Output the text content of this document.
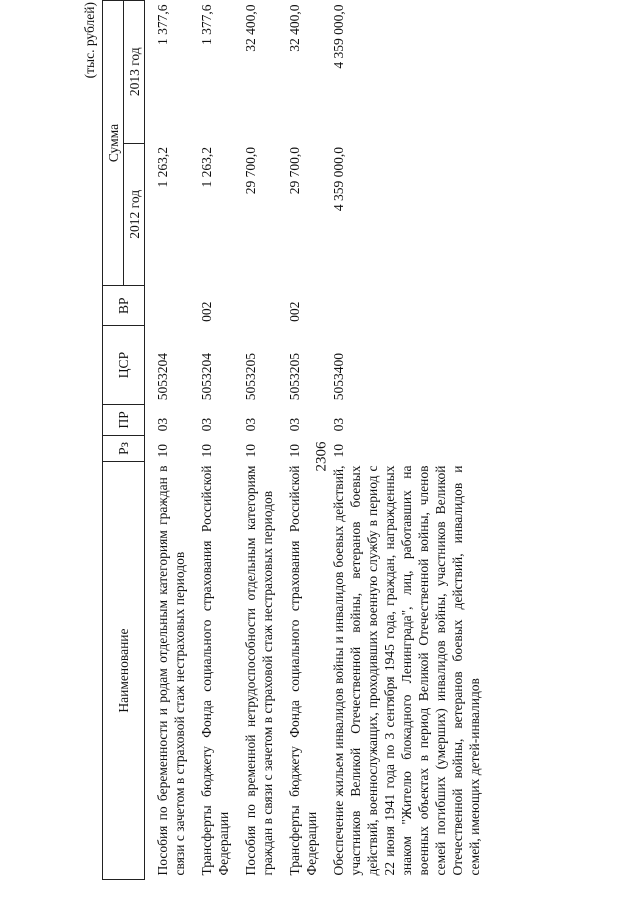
2306
(тыс. рублей)
Наименование	Рз	ПР	ЦСР	ВР	Сумма	
					2012 год	2013 год

Пособия по беременности и родам отдельным категориям граждан в связи с зачетом в страховой стаж нестраховых периодов	10	03	5053204		1 263,2	1 377,6

Трансферты бюджету Фонда социального страхования Российской Федерации	10	03	5053204	002	1 263,2	1 377,6

Пособия по временной нетрудоспособности отдельным категориям граждан в связи с зачетом в страховой стаж нестраховых периодов	10	03	5053205		29 700,0	32 400,0

Трансферты бюджету Фонда социального страхования Российской Федерации	10	03	5053205	002	29 700,0	32 400,0

Обеспечение жильем инвалидов войны и инвалидов боевых действий, участников Великой Отечественной войны, ветеранов боевых действий, военнослужащих, проходивших военную службу в период с 22 июня 1941 года по 3 сентября 1945 года, граждан, награжденных знаком "Жителю блокадного Ленинграда", лиц, работавших на военных объектах в период Великой Отечественной войны, членов семей погибших (умерших) инвалидов войны, участников Великой Отечественной войны, ветеранов боевых действий, инвалидов и семей, имеющих детей-инвалидов	10	03	5053400		4 359 000,0	4 359 000,0
